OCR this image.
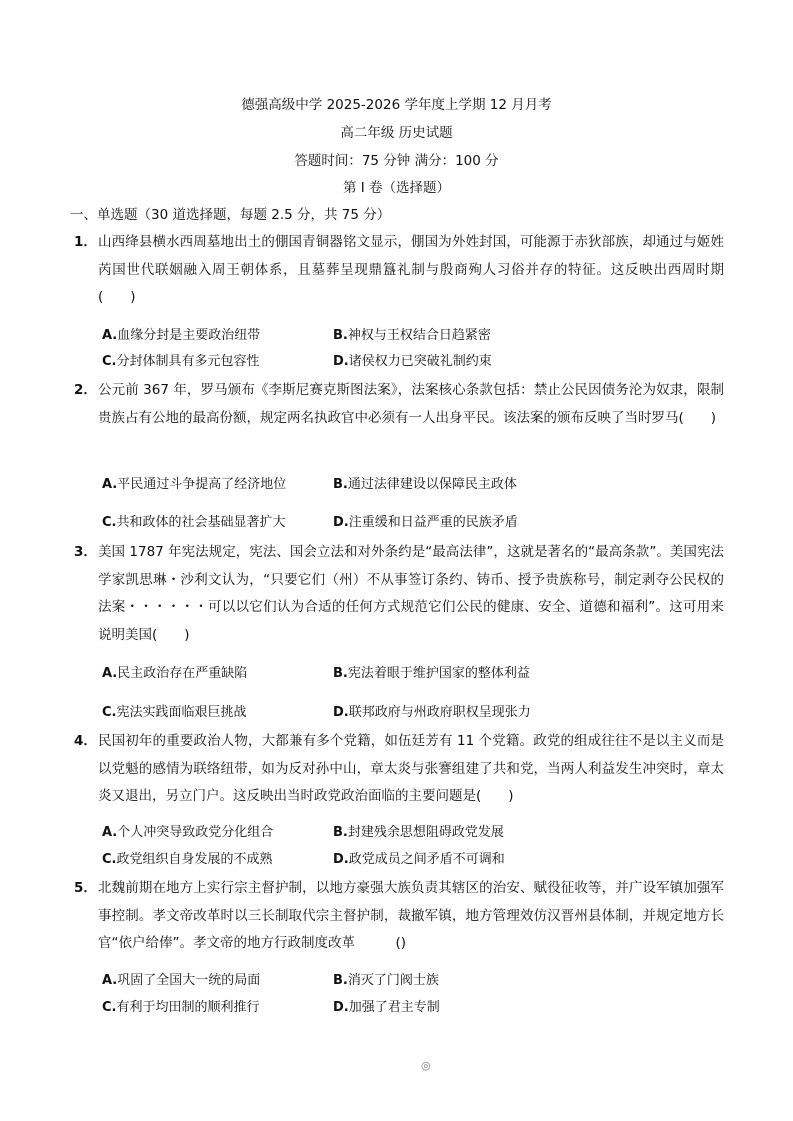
德强高级中学 2025-2026 学年度上学期 12 月月考
高二年级 历史试题
答题时间：75 分钟 满分：100 分
第 I 卷（选择题）
一、单选题（30 道选择题，每题 2.5 分，共 75 分）
1． 山西绛县横水西周墓地出土的倗国青铜器铭文显示，倗国为外姓封国，可能源于赤狄部族，却通过与姬姓芮国世代联姻融入周王朝体系，且墓葬呈现鼎簋礼制与殷商殉人习俗并存的特征。这反映出西周时期(　　)
A.血缘分封是主要政治纽带	B.神权与王权结合日趋紧密
C.分封体制具有多元包容性	D.诸侯权力已突破礼制约束
2． 公元前 367 年，罗马颁布《李斯尼赛克斯图法案》，法案核心条款包括：禁止公民因债务沦为奴隶，限制贵族占有公地的最高份额，规定两名执政官中必须有一人出身平民。该法案的颁布反映了当时罗马(　　)
A.平民通过斗争提高了经济地位	B.通过法律建设以保障民主政体
C.共和政体的社会基础显著扩大	D.注重缓和日益严重的民族矛盾
3． 美国 1787 年宪法规定，宪法、国会立法和对外条约是“最高法律”，这就是著名的“最高条款”。美国宪法学家凯思琳・沙利文认为，“只要它们（州）不从事签订条约、铸币、授予贵族称号，制定剥夺公民权的法案・・・・・・可以以它们认为合适的任何方式规范它们公民的健康、安全、道德和福利”。这可用来说明美国(　　)
A.民主政治存在严重缺陷	B.宪法着眼于维护国家的整体利益
C.宪法实践面临艰巨挑战	D.联邦政府与州政府职权呈现张力
4． 民国初年的重要政治人物，大都兼有多个党籍，如伍廷芳有 11 个党籍。政党的组成往往不是以主义而是以党魁的感情为联络纽带，如为反对孙中山，章太炎与张謇组建了共和党，当两人利益发生冲突时，章太炎又退出，另立门户。这反映出当时政党政治面临的主要问题是(　　)
A.个人冲突导致政党分化组合	B.封建残余思想阻碍政党发展
C.政党组织自身发展的不成熟	D.政党成员之间矛盾不可调和
5． 北魏前期在地方上实行宗主督护制，以地方豪强大族负责其辖区的治安、赋役征收等，并广设军镇加强军事控制。孝文帝改革时以三长制取代宗主督护制，裁撤军镇，地方管理效仿汉晋州县体制，并规定地方长官“依户给俸”。孝文帝的地方行政制度改革　　　()
A.巩固了全国大一统的局面	B.消灭了门阀士族
C.有利于均田制的顺利推行	D.加强了君主专制
◎
